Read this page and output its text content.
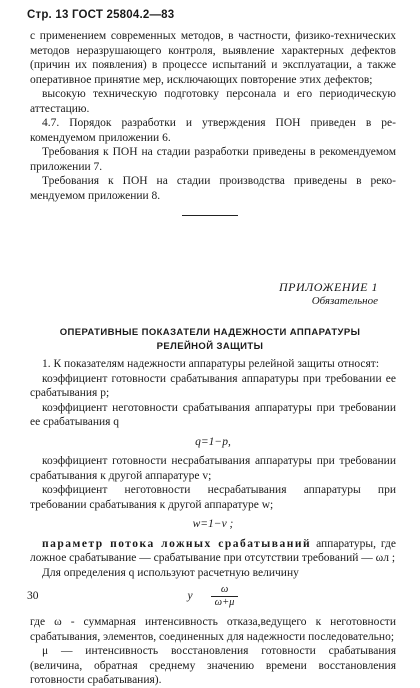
Стр. 13 ГОСТ 25804.2—83

с применением современных методов, в частности, физико-технических методов неразрушающего контроля, выявление характерных дефектов (причин их появления) в процессе испытаний и эксплуатации, а также оперативное принятие мер, исключающих повторение этих дефектов;

высокую техническую подготовку персонала и его периодическую аттестацию.

4.7. Порядок разработки и утверждения ПОН приведен в рекомендуемом приложении 6.

Требования к ПОН на стадии разработки приведены в рекомендуемом приложении 7.

Требования к ПОН на стадии производства приведены в рекомендуемом приложении 8.

ПРИЛОЖЕНИЕ 1
Обязательное
ОПЕРАТИВНЫЕ ПОКАЗАТЕЛИ НАДЕЖНОСТИ АППАРАТУРЫ РЕЛЕЙНОЙ ЗАЩИТЫ

1. К показателям надежности аппаратуры релейной защиты относят:

коэффициент готовности срабатывания аппаратуры при требовании ее срабатывания p;

коэффициент неготовности срабатывания аппаратуры при требовании ее срабатывания q

q=1−p,

коэффициент готовности несрабатывания аппаратуры при требовании срабатывания к другой аппаратуре v;

коэффициент неготовности несрабатывания аппаратуры при требовании срабатывания к другой аппаратуре w;

w=1−v ;

параметр потока ложных срабатываний аппаратуры, где ложное срабатывание — срабатывание при отсутствии требований — ωл ;

Для определения q используют расчетную величину

y $\frac{\omega}{\omega+\mu}$

где ω - суммарная интенсивность отказа,ведущего к неготовности срабатывания, элементов, соединенных для надежности последовательно;

μ — интенсивность восстановления готовности срабатывания (величина, обратная среднему значению времени восстановления готовности срабатывания).

30
